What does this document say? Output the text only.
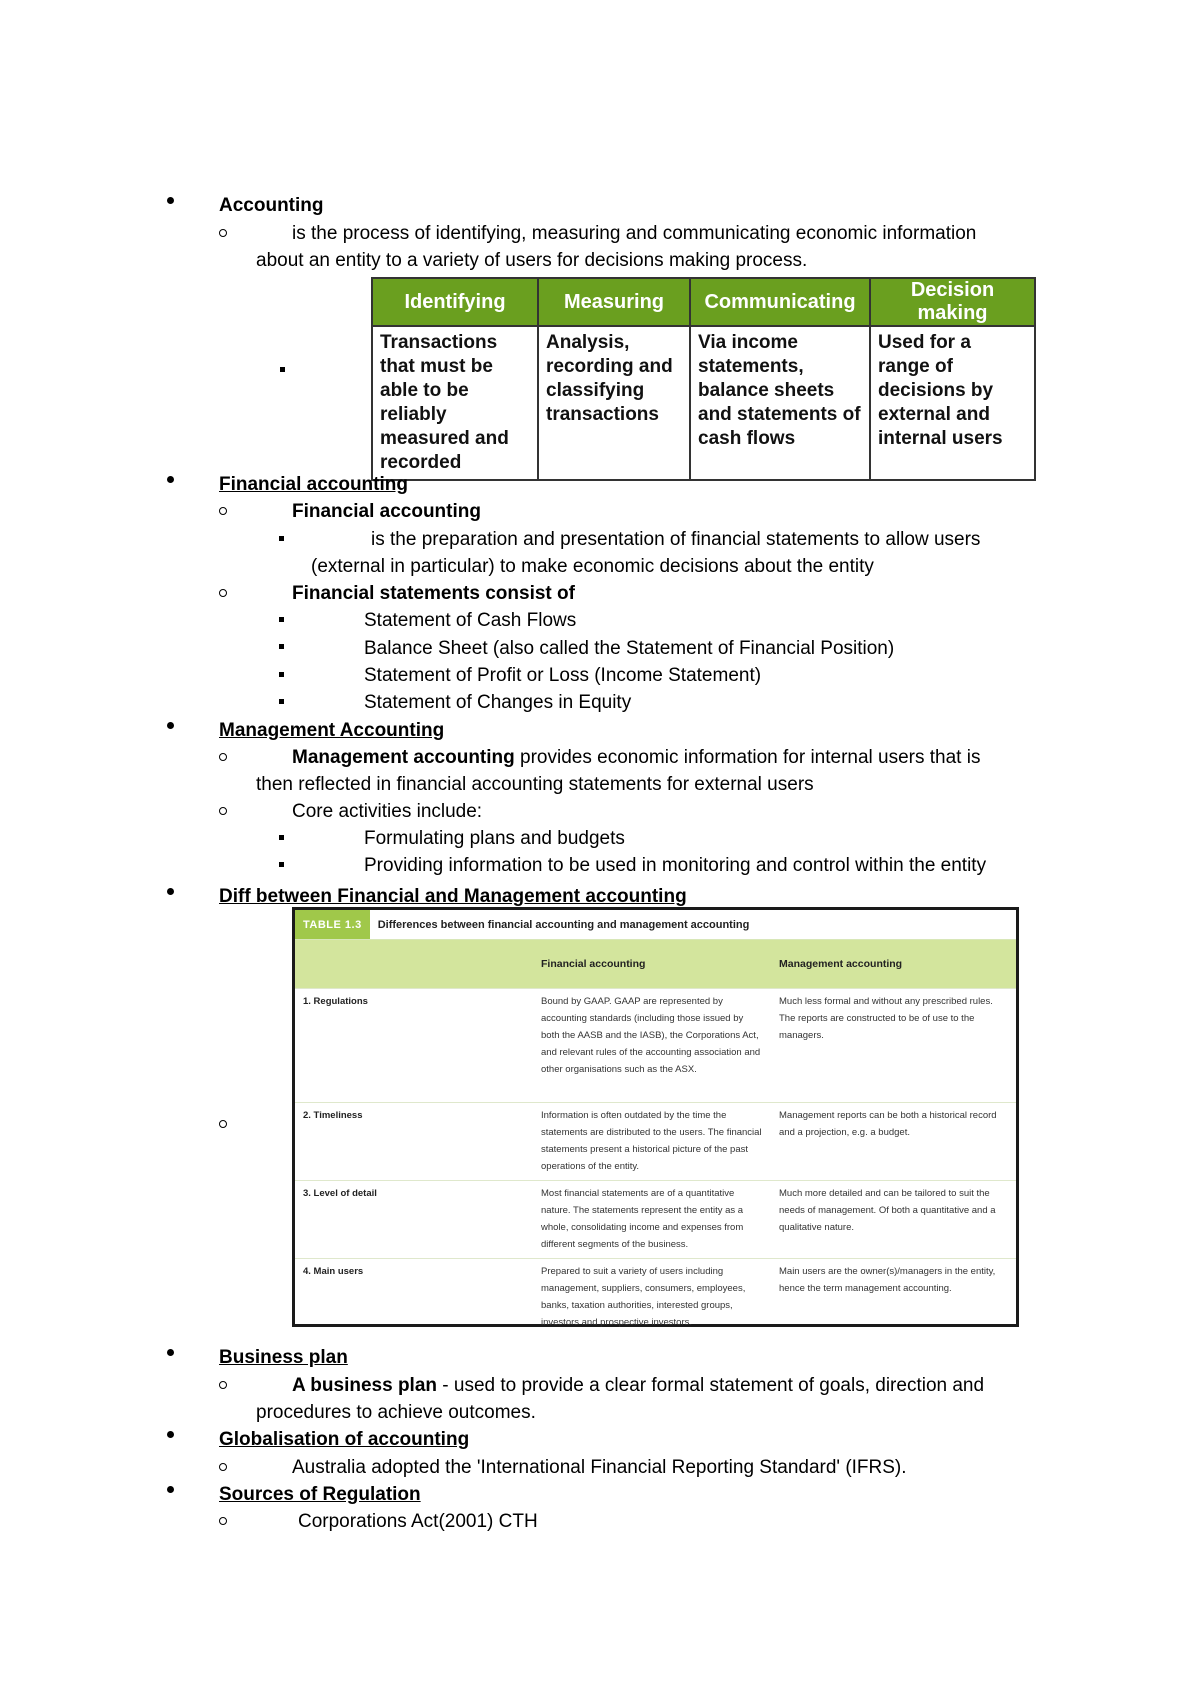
Accounting
is the process of identifying, measuring and communicating economic information
about an entity to a variety of users for decisions making process.
Identifying	Measuring	Communicating	Decision making
Transactions that must be able to be reliably measured and recorded	Analysis, recording and classifying transactions	Via income statements, balance sheets and statements of cash flows	Used for a range of decisions by external and internal users
Financial accounting
Financial accounting
is the preparation and presentation of financial statements to allow users
(external in particular) to make economic decisions about the entity
Financial statements consist of
Statement of Cash Flows
Balance Sheet (also called the Statement of Financial Position)
Statement of Profit or Loss (Income Statement)
Statement of Changes in Equity
Management Accounting
Management accounting provides economic information for internal users that is
then reflected in financial accounting statements for external users
Core activities include:
Formulating plans and budgets
Providing information to be used in monitoring and control within the entity
Diff between Financial and Management accounting
TABLE 1.3	Differences between financial accounting and management accounting
	Financial accounting	Management accounting
1. Regulations	Bound by GAAP. GAAP are represented by accounting standards (including those issued by both the AASB and the IASB), the Corporations Act, and relevant rules of the accounting association and other organisations such as the ASX.	Much less formal and without any prescribed rules. The reports are constructed to be of use to the managers.
2. Timeliness	Information is often outdated by the time the statements are distributed to the users. The financial statements present a historical picture of the past operations of the entity.	Management reports can be both a historical record and a projection, e.g. a budget.
3. Level of detail	Most financial statements are of a quantitative nature. The statements represent the entity as a whole, consolidating income and expenses from different segments of the business.	Much more detailed and can be tailored to suit the needs of management. Of both a quantitative and a qualitative nature.
4. Main users	Prepared to suit a variety of users including management, suppliers, consumers, employees, banks, taxation authorities, interested groups, investors and prospective investors.	Main users are the owner(s)/managers in the entity, hence the term management accounting.
Business plan
A business plan - used to provide a clear formal statement of goals, direction and
procedures to achieve outcomes.
Globalisation of accounting
Australia adopted the 'International Financial Reporting Standard' (IFRS).
Sources of Regulation
Corporations Act(2001) CTH
